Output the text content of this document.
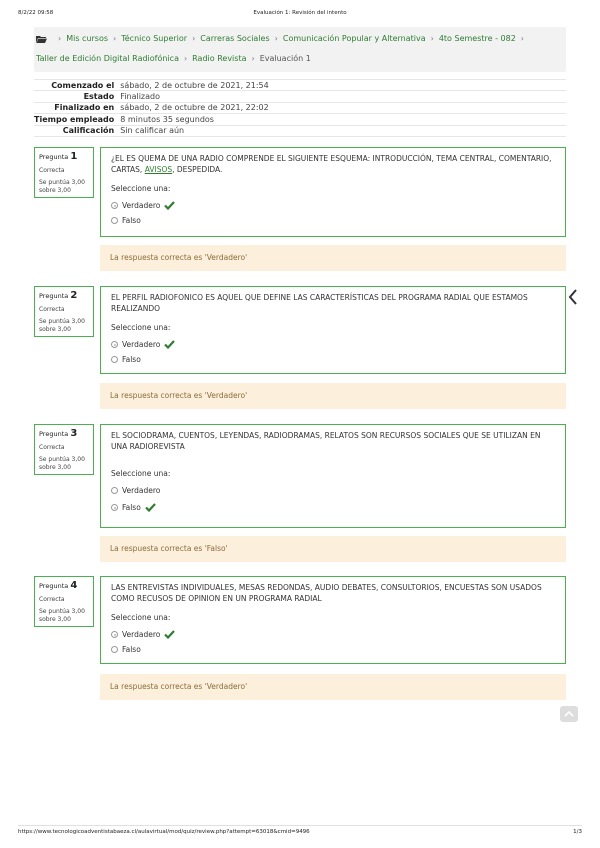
8/2/22 09:58	Evaluación 1: Revisión del intento
› Mis cursos › Técnico Superior › Carreras Sociales › Comunicación Popular y Alternativa › 4to Semestre - 082 ›
Taller de Edición Digital Radiofónica › Radio Revista › Evaluación 1
Comenzado el	sábado, 2 de octubre de 2021, 21:54
Estado	Finalizado
Finalizado en	sábado, 2 de octubre de 2021, 22:02
Tiempo empleado	8 minutos 35 segundos
Calificación	Sin calificar aún
Pregunta 1
Correcta
Se puntúa 3,00
sobre 3,00
¿EL ES QUEMA DE UNA RADIO COMPRENDE EL SIGUIENTE ESQUEMA: INTRODUCCIÓN, TEMA CENTRAL, COMENTARIO, CARTAS, AVISOS, DESPEDIDA.
Seleccione una:
Verdadero
Falso
La respuesta correcta es 'Verdadero'
Pregunta 2
Correcta
Se puntúa 3,00
sobre 3,00
EL PERFIL RADIOFONICO ES AQUEL QUE DEFINE LAS CARACTERÍSTICAS DEL PROGRAMA RADIAL QUE ESTAMOS REALIZANDO
Seleccione una:
Verdadero
Falso
La respuesta correcta es 'Verdadero'
Pregunta 3
Correcta
Se puntúa 3,00
sobre 3,00
EL SOCIODRAMA, CUENTOS, LEYENDAS, RADIODRAMAS, RELATOS SON RECURSOS SOCIALES QUE SE UTILIZAN EN UNA RADIOREVISTA
Seleccione una:
Verdadero
Falso
La respuesta correcta es 'Falso'
Pregunta 4
Correcta
Se puntúa 3,00
sobre 3,00
LAS ENTREVISTAS INDIVIDUALES, MESAS REDONDAS, AUDIO DEBATES, CONSULTORIOS, ENCUESTAS SON USADOS COMO RECUSOS DE OPINION EN UN PROGRAMA RADIAL
Seleccione una:
Verdadero
Falso
La respuesta correcta es 'Verdadero'
https://www.tecnologicoadventistabaeza.cl/aulavirtual/mod/quiz/review.php?attempt=63018&cmid=9496	1/3
